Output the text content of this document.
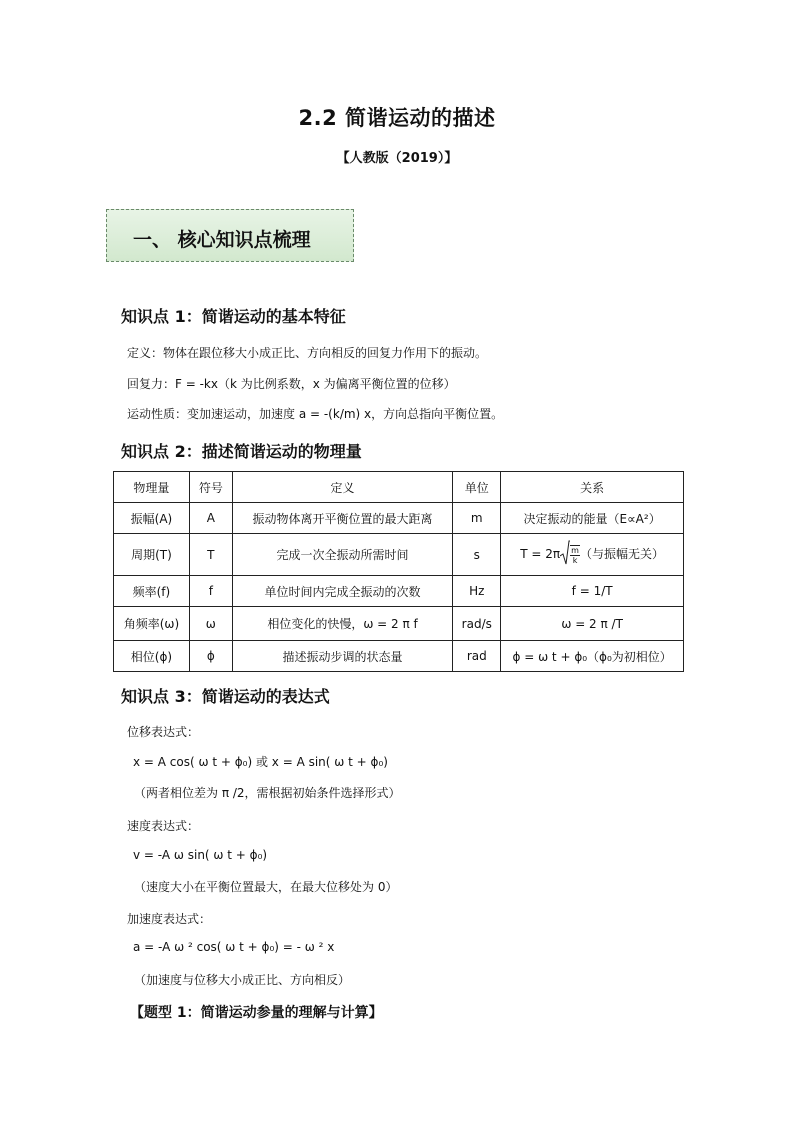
2.2 简谐运动的描述
【人教版（2019）】
一、 核心知识点梳理
知识点 1：简谐运动的基本特征
定义：物体在跟位移大小成正比、方向相反的回复力作用下的振动。
回复力：F = -kx（k 为比例系数，x 为偏离平衡位置的位移）
运动性质：变加速运动，加速度 a = -(k/m) x，方向总指向平衡位置。
知识点 2：描述简谐运动的物理量
物理量	符号	定义	单位	关系
振幅(A)	A	振动物体离开平衡位置的最大距离	m	决定振动的能量（E∝A²）
周期(T)	T	完成一次全振动所需时间	s	$T = 2\pi \frac{m}{k}$ （与振幅无关）
频率(f)	f	单位时间内完成全振动的次数	Hz	f = 1/T
角频率(ω)	ω	相位变化的快慢，ω = 2 π f	rad/s	ω = 2 π /T
相位(ϕ)	ϕ	描述振动步调的状态量	rad	ϕ = ω t + ϕ₀（ϕ₀为初相位）
知识点 3：简谐运动的表达式
位移表达式：
x = A cos( ω t + ϕ₀) 或 x = A sin( ω t + ϕ₀)
（两者相位差为 π /2，需根据初始条件选择形式）
速度表达式：
v = -A ω sin( ω t + ϕ₀)
（速度大小在平衡位置最大，在最大位移处为 0）
加速度表达式：
a = -A ω ² cos( ω t + ϕ₀) = - ω ² x
（加速度与位移大小成正比、方向相反）
【题型 1：简谐运动参量的理解与计算】
